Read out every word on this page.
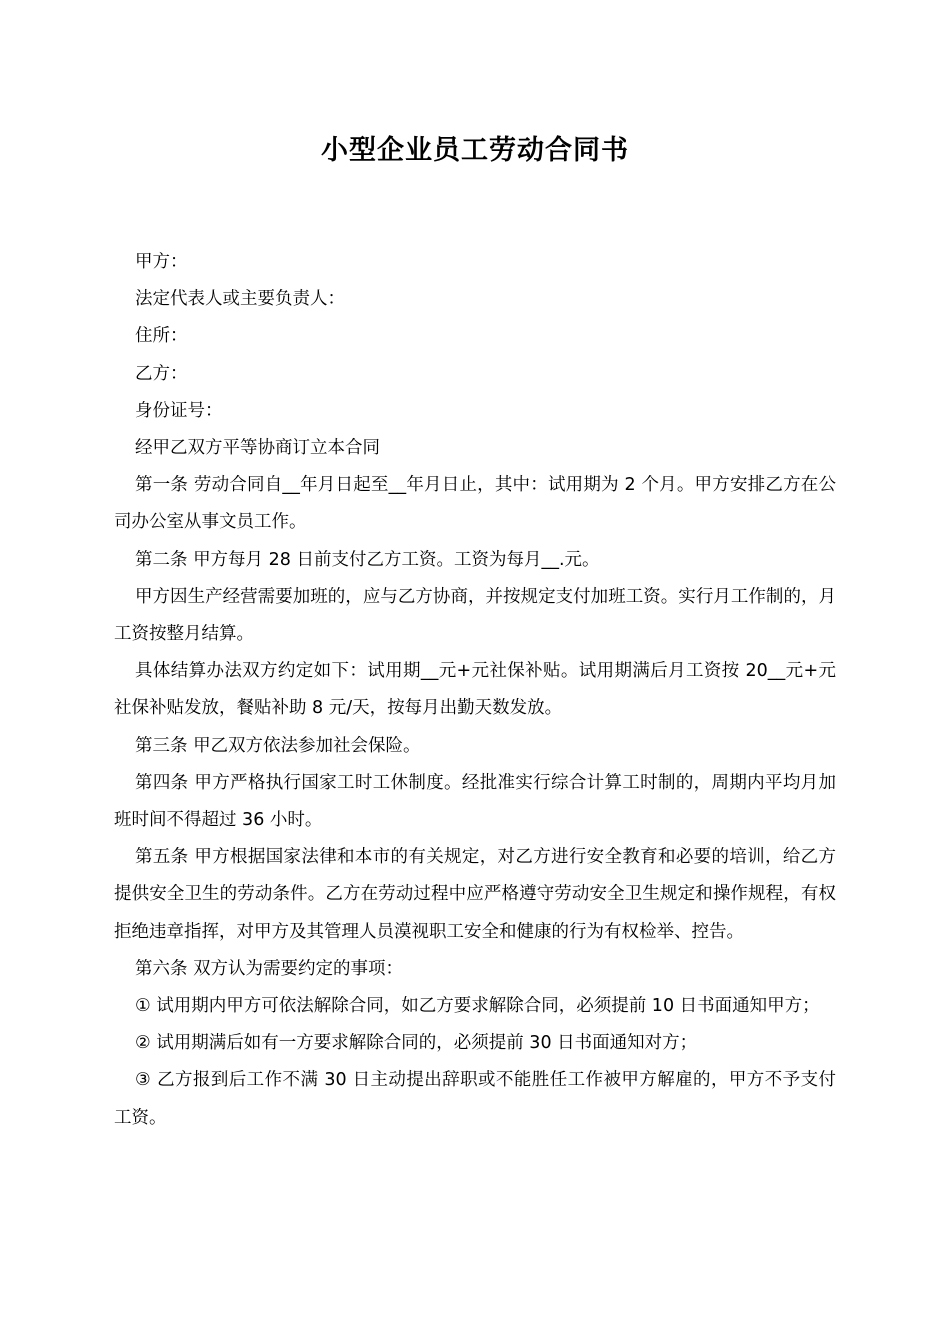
小型企业员工劳动合同书

甲方：

法定代表人或主要负责人：

住所：

乙方：

身份证号：

经甲乙双方平等协商订立本合同

第一条 劳动合同自__年月日起至__年月日止，其中：试用期为 2 个月。甲方安排乙方在公司办公室从事文员工作。

第二条 甲方每月 28 日前支付乙方工资。工资为每月__.元。

甲方因生产经营需要加班的，应与乙方协商，并按规定支付加班工资。实行月工作制的，月工资按整月结算。

具体结算办法双方约定如下：试用期__元+元社保补贴。试用期满后月工资按 20__元+元社保补贴发放，餐贴补助 8 元/天，按每月出勤天数发放。

第三条 甲乙双方依法参加社会保险。

第四条 甲方严格执行国家工时工休制度。经批准实行综合计算工时制的，周期内平均月加班时间不得超过 36 小时。

第五条 甲方根据国家法律和本市的有关规定，对乙方进行安全教育和必要的培训，给乙方提供安全卫生的劳动条件。乙方在劳动过程中应严格遵守劳动安全卫生规定和操作规程，有权拒绝违章指挥，对甲方及其管理人员漠视职工安全和健康的行为有权检举、控告。

第六条 双方认为需要约定的事项：

① 试用期内甲方可依法解除合同，如乙方要求解除合同，必须提前 10 日书面通知甲方；

② 试用期满后如有一方要求解除合同的，必须提前 30 日书面通知对方；

③ 乙方报到后工作不满 30 日主动提出辞职或不能胜任工作被甲方解雇的，甲方不予支付工资。
